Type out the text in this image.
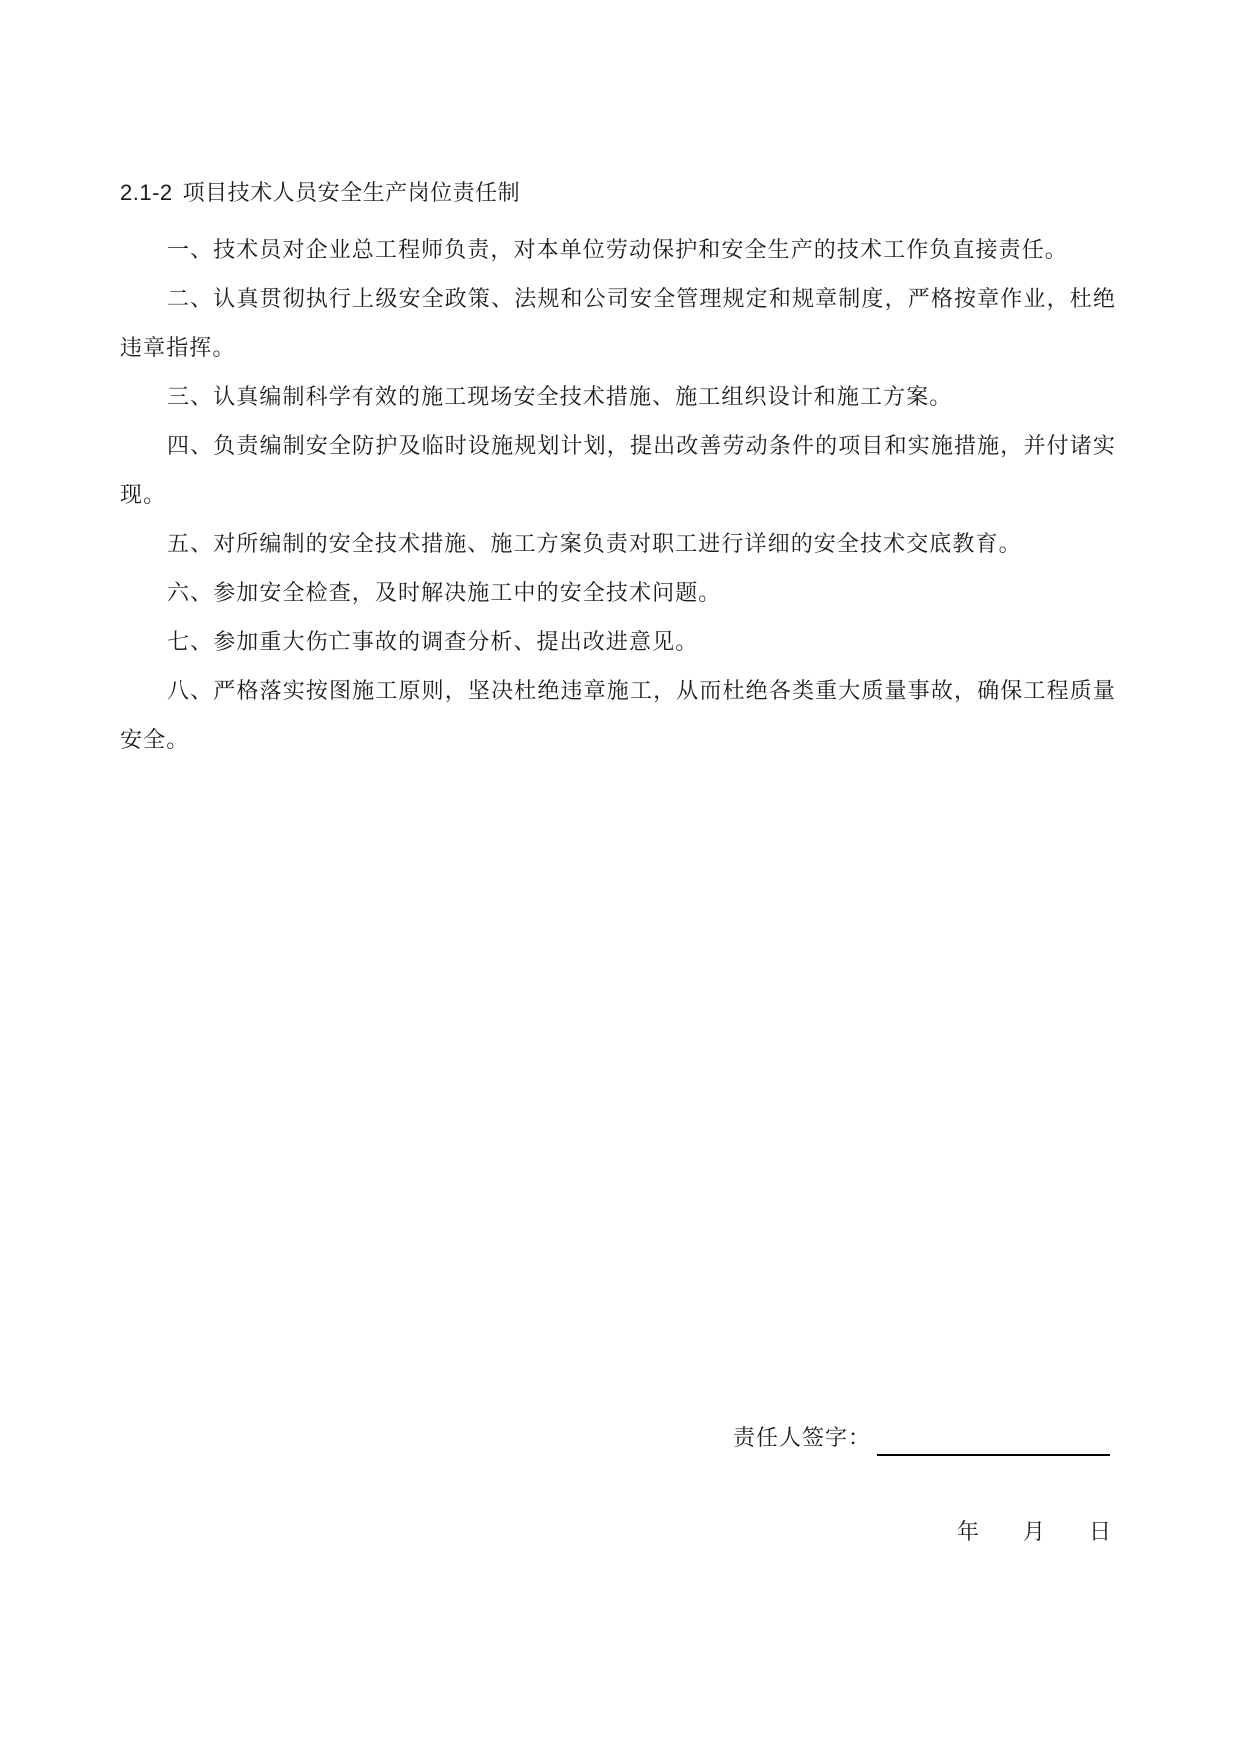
2.1-2 项目技术人员安全生产岗位责任制

一、技术员对企业总工程师负责，对本单位劳动保护和安全生产的技术工作负直接责任。

二、认真贯彻执行上级安全政策、法规和公司安全管理规定和规章制度，严格按章作业，杜绝违章指挥。

三、认真编制科学有效的施工现场安全技术措施、施工组织设计和施工方案。

四、负责编制安全防护及临时设施规划计划，提出改善劳动条件的项目和实施措施，并付诸实现。

五、对所编制的安全技术措施、施工方案负责对职工进行详细的安全技术交底教育。

六、参加安全检查，及时解决施工中的安全技术问题。

七、参加重大伤亡事故的调查分析、提出改进意见。

八、严格落实按图施工原则，坚决杜绝违章施工，从而杜绝各类重大质量事故，确保工程质量安全。

责任人签字：
年 月 日
